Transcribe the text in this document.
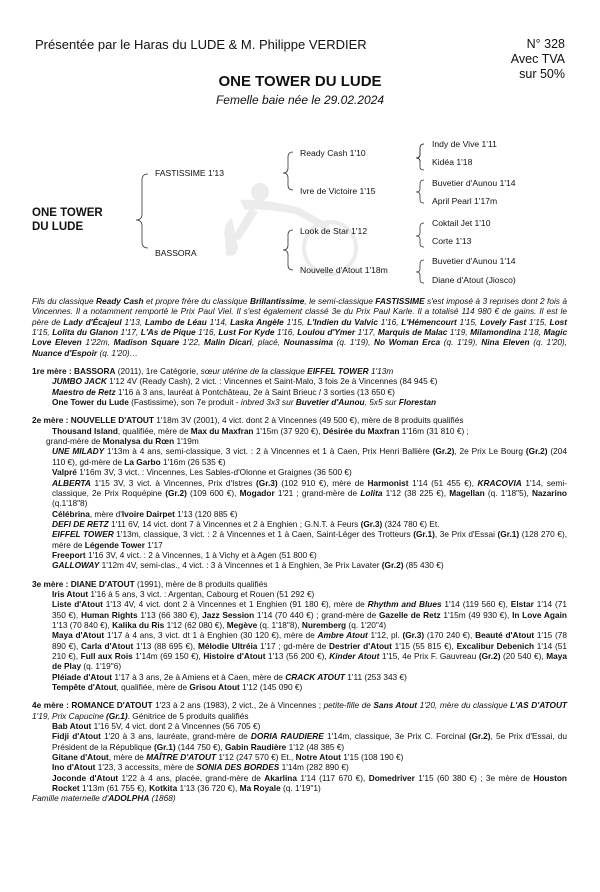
Présentée par le Haras du LUDE & M. Philippe VERDIER	N° 328
Avec TVA
sur 50%
ONE TOWER DU LUDE
Femelle baie née le 29.02.2024
ONE TOWER
DU LUDE
FASTISSIME 1'13
BASSORA
Ready Cash 1'10
Ivre de Victoire 1'15
Look de Star 1'12
Nouvelle d'Atout 1'18m
Indy de Vive 1'11
Kidéa 1'18
Buvetier d'Aunou 1'14
April Pearl 1'17m
Coktail Jet 1'10
Corte 1'13
Buvetier d'Aunou 1'14
Diane d'Atout (Jiosco)

Fils du classique Ready Cash et propre frère du classique Brillantissime, le semi-classique FASTISSIME s'est imposé à 3 reprises dont 2 fois à Vincennes. Il a notamment remporté le Prix Paul Viel. Il s'est également classé 3e du Prix Paul Karle. Il a totalisé 114 980 € de gains. Il est le père de Lady d'Écajeul 1'13, Lambo de Léau 1'14, Laska Angèle 1'15, L'Indien du Valvic 1'16, L'Hémencourt 1'15, Lovely Fast 1'15, Lost 1'15, Lolita du Glanon 1'17, L'As de Pique 1'16, Lust For Kyde 1'16, Loulou d'Ymer 1'17, Marquis de Malac 1'19, Milamondina 1'18, Magic Love Eleven 1'22m, Madison Square 1'22, Malin Dicari, placé, Nounassima (q. 1'19), No Woman Erca (q. 1'19), Nina Eleven (q. 1'20), Nuance d'Espoir (q. 1'20)…

1re mère : BASSORA (2011), 1re Catégorie, sœur utérine de la classique EIFFEL TOWER 1'13m

JUMBO JACK 1'12 4V (Ready Cash), 2 vict. : Vincennes et Saint-Malo, 3 fois 2e à Vincennes (84 945 €)

Maestro de Retz 1'16 à 3 ans, lauréat à Pontchâteau, 2e à Saint Brieuc / 3 sorties (13 650 €)

One Tower du Lude (Fastissime), son 7e produit - inbred 3x3 sur Buvetier d'Aunou, 5x5 sur Florestan

2e mère : NOUVELLE D'ATOUT 1'18m 3V (2001), 4 vict. dont 2 à Vincennes (49 500 €), mère de 8 produits qualifiés

Thousand Island, qualifiée, mère de Max du Maxfran 1'15m (37 920 €), Désirée du Maxfran 1'16m (31 810 €) ;

grand-mère de Monalysa du Rœn 1'19m

UNE MILADY 1'13m à 4 ans, semi-classique, 3 vict. : 2 à Vincennes et 1 à Caen, Prix Henri Ballière (Gr.2), 2e Prix Le Bourg (Gr.2) (204 110 €), gd-mère de La Garbo 1'16m (26 535 €)

Valpré 1'16m 3V, 3 vict. : Vincennes, Les Sables-d'Olonne et Graignes (36 500 €)

ALBERTA 1'15 3V, 3 vict. à Vincennes, Prix d'Istres (Gr.3) (102 910 €), mère de Harmonist 1'14 (51 455 €), KRACOVIA 1'14, semi-classique, 2e Prix Roquépine (Gr.2) (109 600 €), Mogador 1'21 ; grand-mère de Lolita 1'12 (38 225 €), Magellan (q. 1'18"5), Nazarino (q.1'18"8)

Célébrina, mère d'Ivoire Dairpet 1'13 (120 885 €)

DEFI DE RETZ 1'11 6V, 14 vict. dont 7 à Vincennes et 2 à Enghien ; G.N.T. à Feurs (Gr.3) (324 780 €) Et.

EIFFEL TOWER 1'13m, classique, 3 vict. : 2 à Vincennes et 1 à Caen, Saint-Léger des Trotteurs (Gr.1), 3e Prix d'Essai (Gr.1) (128 270 €), mère de Légende Tower 1'17

Freeport 1'16 3V, 4 vict. : 2 à Vincennes, 1 à Vichy et à Agen (51 800 €)

GALLOWAY 1'12m 4V, semi-clas., 4 vict. : 3 à Vincennes et 1 à Enghien, 3e Prix Lavater (Gr.2) (85 430 €)

3e mère : DIANE D'ATOUT (1991), mère de 8 produits qualifiés

Iris Atout 1'16 à 5 ans, 3 vict. : Argentan, Cabourg et Rouen (51 292 €)

Liste d'Atout 1'13 4V, 4 vict. dont 2 à Vincennes et 1 Enghien (91 180 €), mère de Rhythm and Blues 1'14 (119 560 €), Elstar 1'14 (71 350 €), Human Rights 1'13 (66 380 €), Jazz Session 1'14 (70 440 €) ; grand-mère de Gazelle de Retz 1'15m (49 930 €), In Love Again 1'13 (70 840 €), Kalika du Ris 1'12 (62 080 €), Megève (q. 1'18"8), Nuremberg (q. 1'20"4)

Maya d'Atout 1'17 à 4 ans, 3 vict. dt 1 à Enghien (30 120 €), mère de Ambre Atout 1'12, pl. (Gr.3) (170 240 €), Beauté d'Atout 1'15 (78 890 €), Carla d'Atout 1'13 (88 695 €), Mélodie Ultréia 1'17 ; gd-mère de Destrier d'Atout 1'15 (55 815 €), Excalibur Debenich 1'14 (51 210 €), Full aux Rois 1'14m (69 150 €), Histoire d'Atout 1'13 (56 200 €), Kinder Atout 1'15, 4e Prix F. Gauvreau (Gr.2) (20 540 €), Maya de Play (q. 1'19"6)

Pléiade d'Atout 1'17 à 3 ans, 2e à Amiens et à Caen, mère de CRACK ATOUT 1'11 (253 343 €)

Tempête d'Atout, qualifiée, mère de Grisou Atout 1'12 (145 090 €)

4e mère : ROMANCE D'ATOUT 1'23 à 2 ans (1983), 2 vict., 2e à Vincennes ; petite-fille de Sans Atout 1'20, mère du classique L'AS D'ATOUT 1'19, Prix Capucine (Gr.1). Génitrice de 5 produits qualifiés

Bab Atout 1'16 5V, 4 vict. dont 2 à Vincennes (56 705 €)

Fidji d'Atout 1'20 à 3 ans, lauréate, grand-mère de DORIA RAUDIERE 1'14m, classique, 3e Prix C. Forcinal (Gr.2), 5e Prix d'Essai, du Président de la République (Gr.1) (144 750 €), Gabin Raudière 1'12 (48 385 €)

Gitane d'Atout, mère de MAÎTRE D'ATOUT 1'12 (247 570 €) Et., Notre Atout 1'15 (108 190 €)

Ino d'Atout 1'23, 3 accessits, mère de SONIA DES BORDES 1'14m (282 890 €)

Joconde d'Atout 1'22 à 4 ans, placée, grand-mère de Akarlina 1'14 (117 670 €), Domedriver 1'15 (60 380 €) ; 3e mère de Houston Rocket 1'13m (61 755 €), Kotkita 1'13 (36 720 €), Ma Royale (q. 1'19"1)

Famille maternelle d'ADOLPHA (1868)
